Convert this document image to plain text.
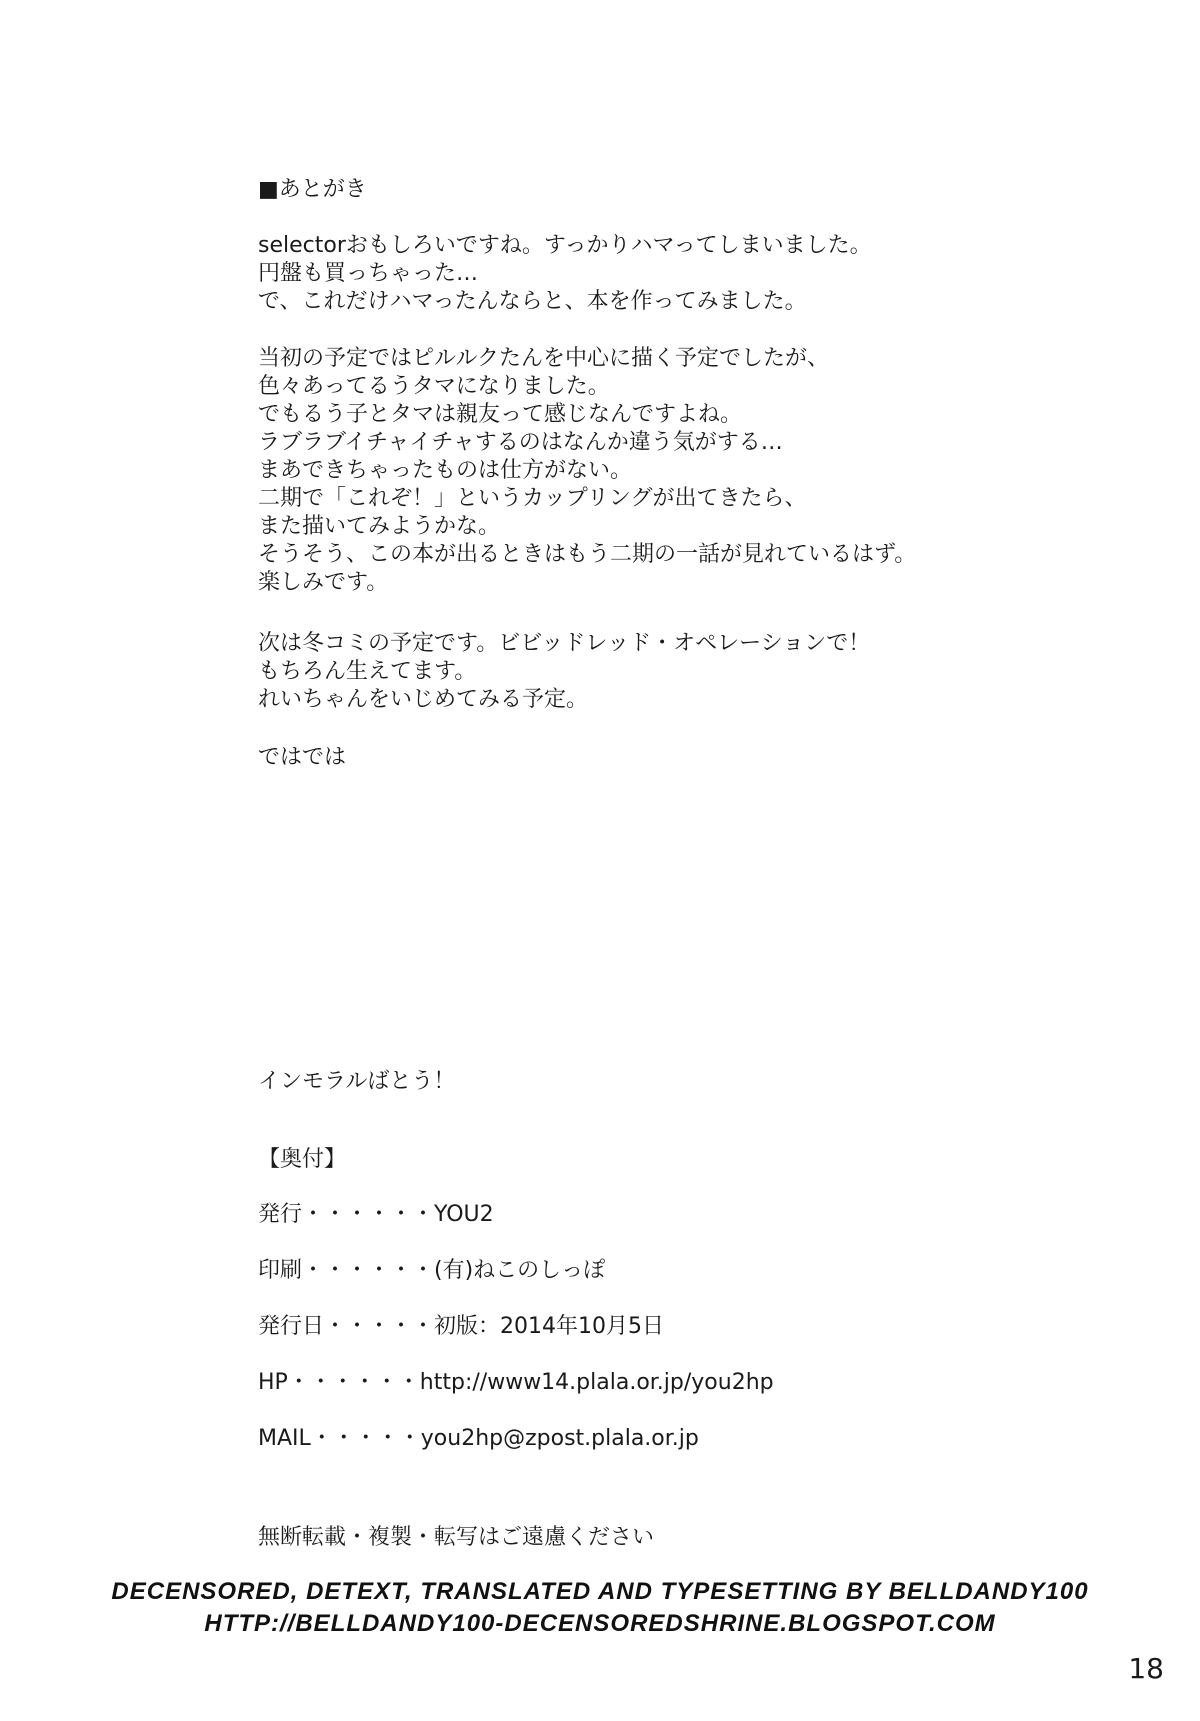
■あとがき

selectorおもしろいですね。すっかりハマってしまいました。

円盤も買っちゃった…

で、これだけハマったんならと、本を作ってみました。

当初の予定ではピルルクたんを中心に描く予定でしたが、

色々あってるうタマになりました。

でもるう子とタマは親友って感じなんですよね。

ラブラブイチャイチャするのはなんか違う気がする…

まあできちゃったものは仕方がない。

二期で「これぞ！」というカップリングが出てきたら、

また描いてみようかな。

そうそう、この本が出るときはもう二期の一話が見れているはず。

楽しみです。

次は冬コミの予定です。ビビッドレッド・オペレーションで！

もちろん生えてます。

れいちゃんをいじめてみる予定。

ではでは

インモラルばとう！

【奥付】

発行・・・・・・YOU2

印刷・・・・・・(有)ねこのしっぽ

発行日・・・・・初版：2014年10月5日

HP・・・・・・http://www14.plala.or.jp/you2hp

MAIL・・・・・you2hp@zpost.plala.or.jp

無断転載・複製・転写はご遠慮ください
DECENSORED, DETEXT, TRANSLATED AND TYPESETTING BY BELLDANDY100
HTTP://BELLDANDY100-DECENSOREDSHRINE.BLOGSPOT.COM
18
